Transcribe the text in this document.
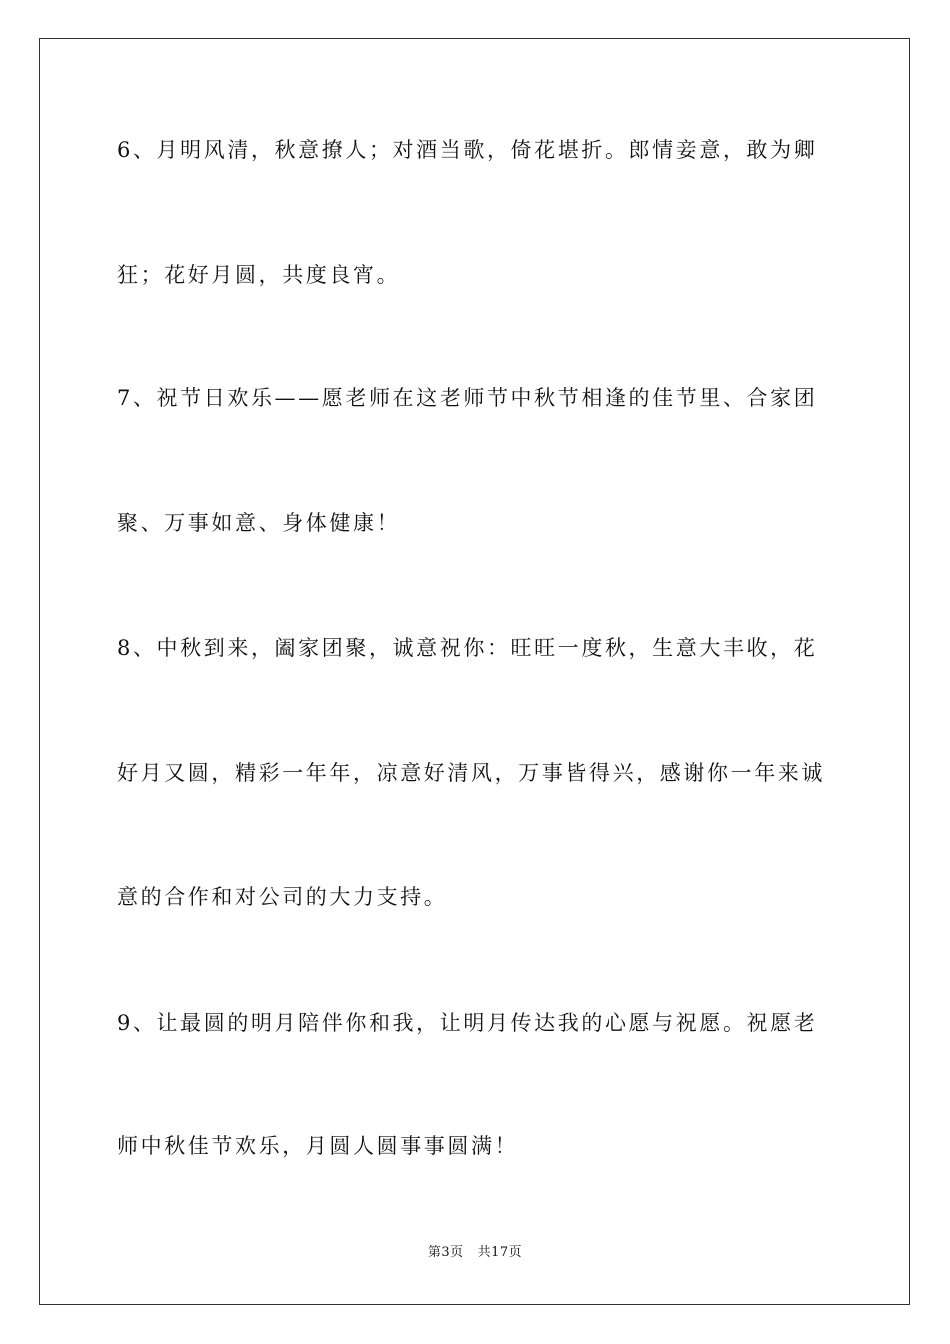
6、月明风清，秋意撩人；对酒当歌，倚花堪折。郎情妾意，敢为卿
狂；花好月圆，共度良宵。
7、祝节日欢乐——愿老师在这老师节中秋节相逢的佳节里、合家团
聚、万事如意、身体健康！
8、中秋到来，阖家团聚，诚意祝你：旺旺一度秋，生意大丰收，花
好月又圆，精彩一年年，凉意好清风，万事皆得兴，感谢你一年来诚
意的合作和对公司的大力支持。
9、让最圆的明月陪伴你和我，让明月传达我的心愿与祝愿。祝愿老
师中秋佳节欢乐，月圆人圆事事圆满！
第3页 共17页
